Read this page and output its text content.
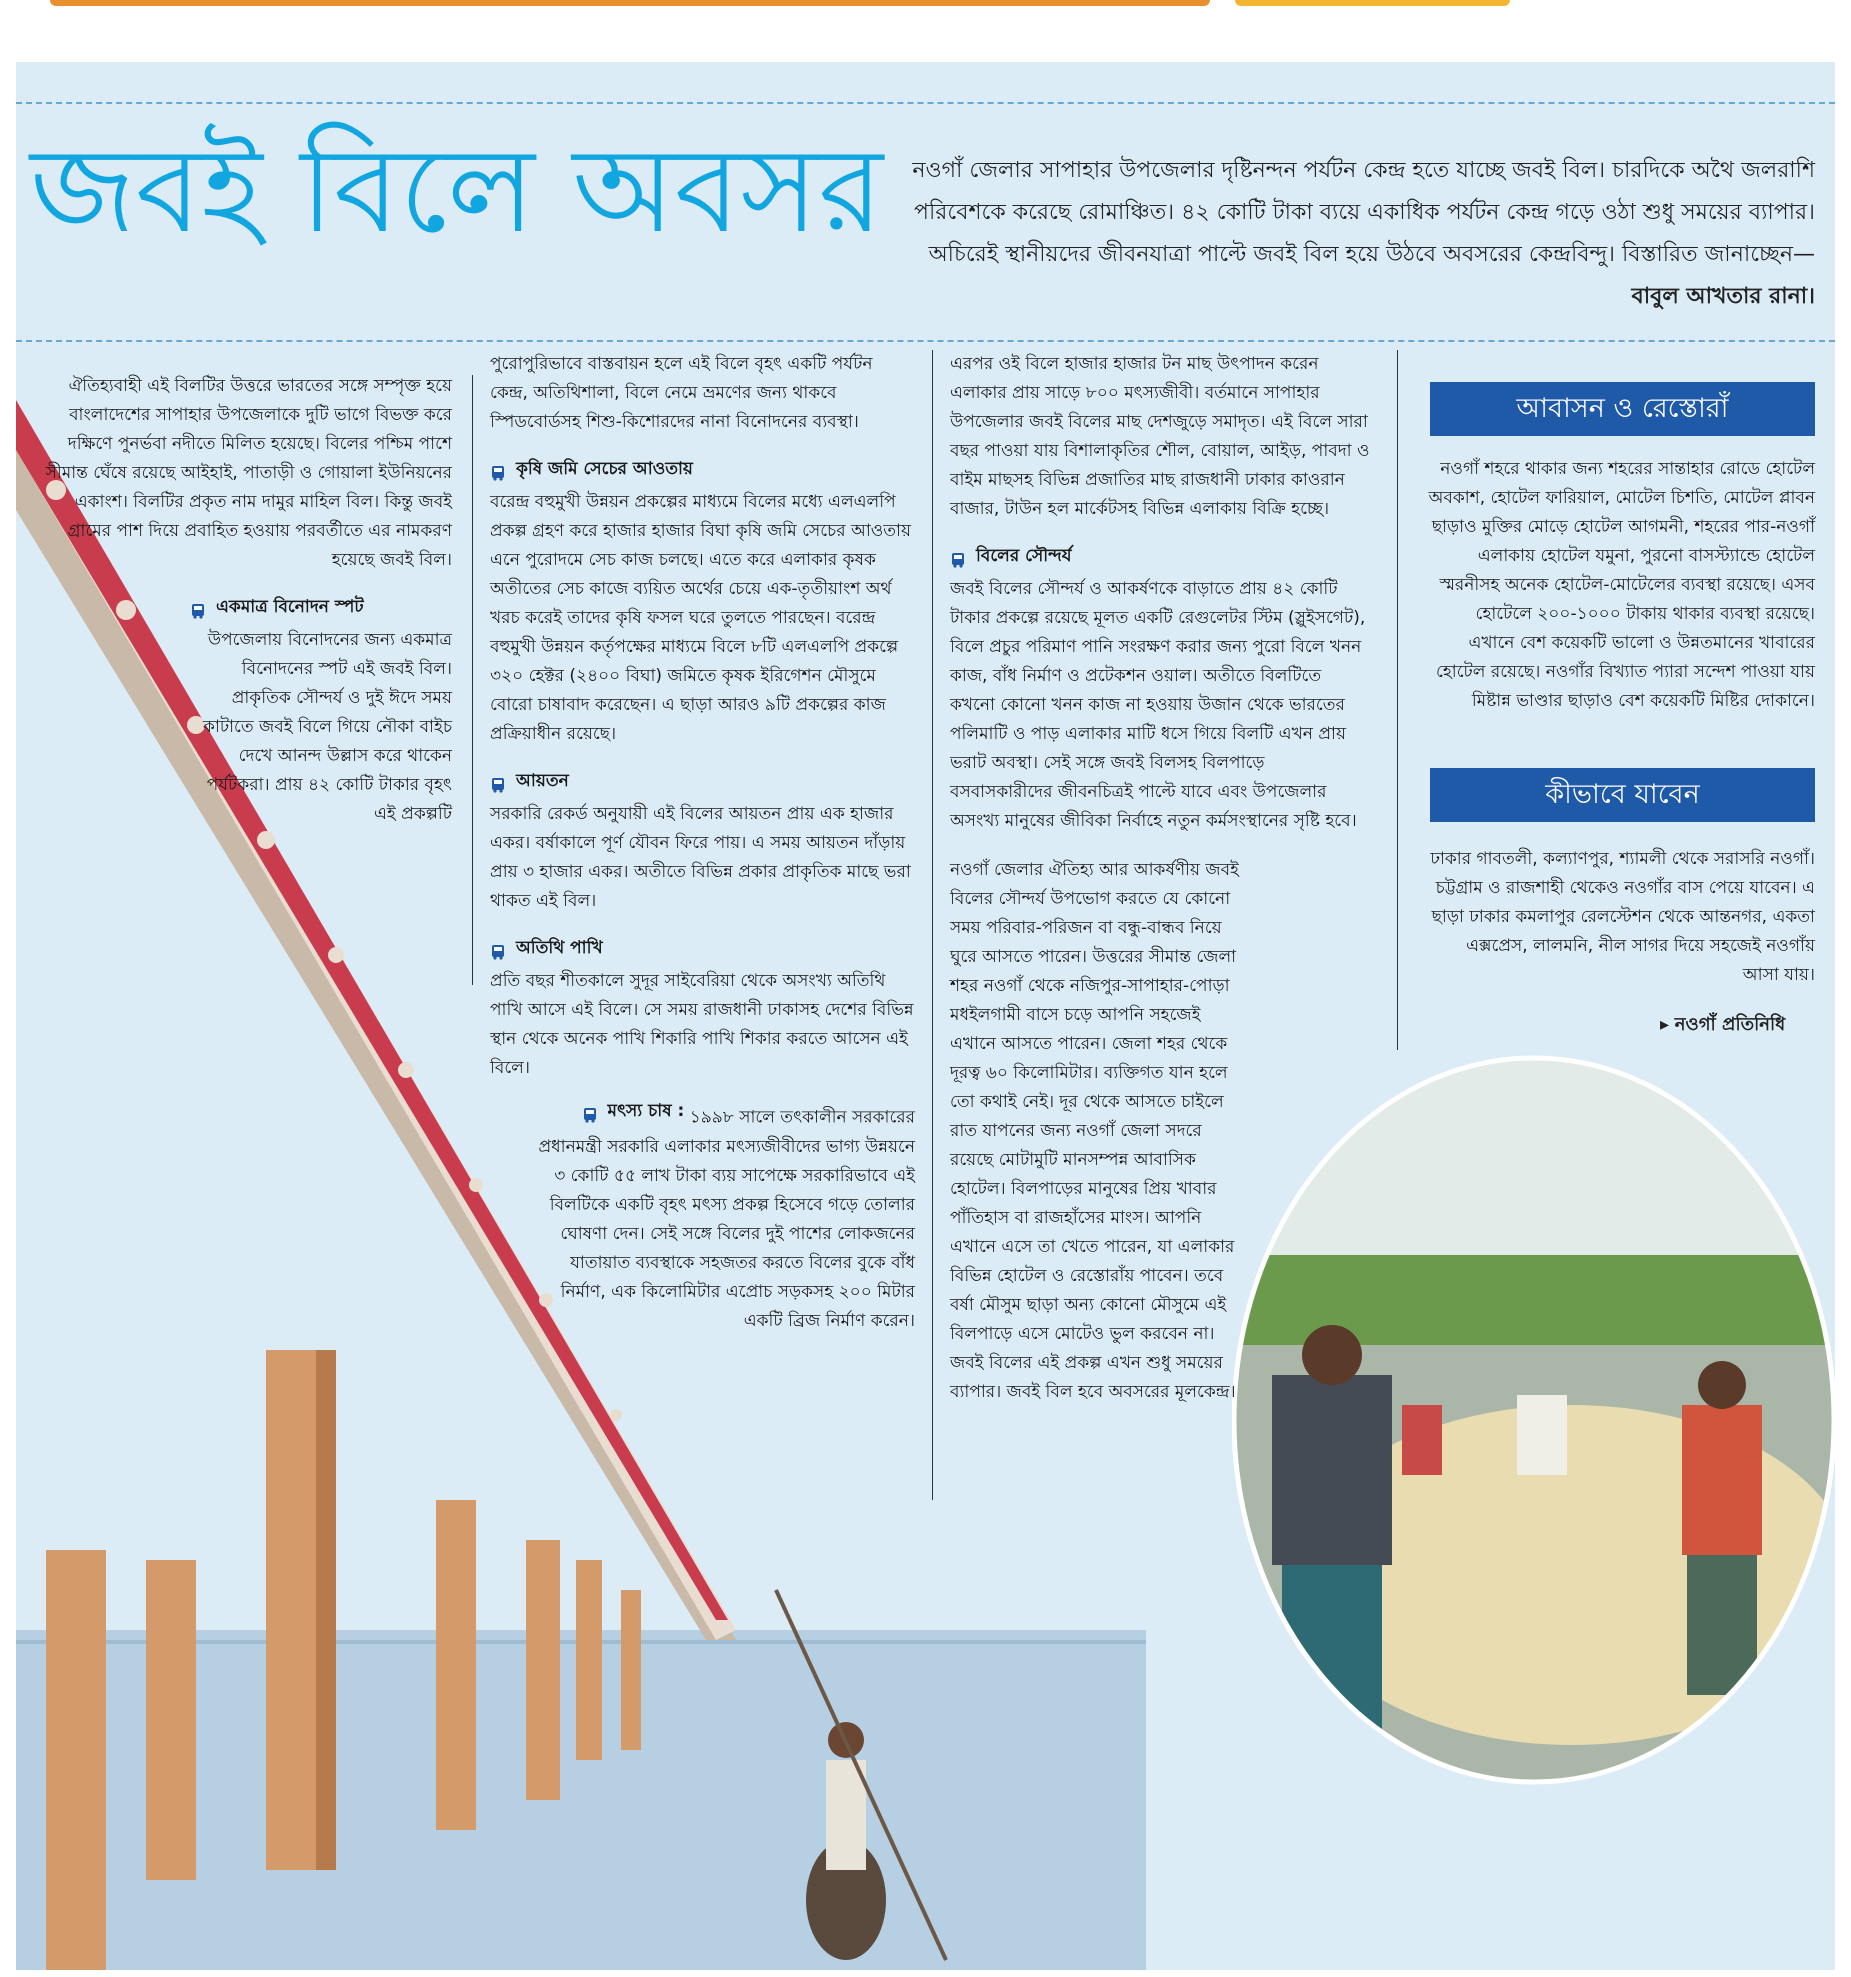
জবই বিলে অবসর	নওগাঁ জেলার সাপাহার উপজেলার দৃষ্টিনন্দন পর্যটন কেন্দ্র হতে যাচ্ছে জবই বিল। চারদিকে অথৈ জলরাশি পরিবেশকে করেছে রোমাঞ্চিত। ৪২ কোটি টাকা ব্যয়ে একাধিক পর্যটন কেন্দ্র গড়ে ওঠা শুধু সময়ের ব্যাপার। অচিরেই স্থানীয়দের জীবনযাত্রা পাল্টে জবই বিল হয়ে উঠবে অবসরের কেন্দ্রবিন্দু। বিস্তারিত জানাচ্ছেন— বাবুল আখতার রানা।

ঐতিহ্যবাহী এই বিলটির উত্তরে ভারতের সঙ্গে সম্পৃক্ত হয়ে বাংলাদেশের সাপাহার উপজেলাকে দুটি ভাগে বিভক্ত করে দক্ষিণে পুনর্ভবা নদীতে মিলিত হয়েছে। বিলের পশ্চিম পাশে সীমান্ত ঘেঁষে রয়েছে আইহাই, পাতাড়ী ও গোয়ালা ইউনিয়নের একাংশ। বিলটির প্রকৃত নাম দামুর মাহিল বিল। কিন্তু জবই গ্রামের পাশ দিয়ে প্রবাহিত হওয়ায় পরবর্তীতে এর নামকরণ হয়েছে জবই বিল।

একমাত্র বিনোদন স্পট

উপজেলায় বিনোদনের জন্য একমাত্র বিনোদনের স্পট এই জবই বিল। প্রাকৃতিক সৌন্দর্য ও দুই ঈদে সময় কাটাতে জবই বিলে গিয়ে নৌকা বাইচ দেখে আনন্দ উল্লাস করে থাকেন পর্যটকরা। প্রায় ৪২ কোটি টাকার বৃহৎ এই প্রকল্পটি

পুরোপুরিভাবে বাস্তবায়ন হলে এই বিলে বৃহৎ একটি পর্যটন কেন্দ্র, অতিথিশালা, বিলে নেমে ভ্রমণের জন্য থাকবে স্পিডবোর্ডসহ শিশু-কিশোরদের নানা বিনোদনের ব্যবস্থা।

কৃষি জমি সেচের আওতায়

বরেন্দ্র বহুমুখী উন্নয়ন প্রকল্পের মাধ্যমে বিলের মধ্যে এলএলপি প্রকল্প গ্রহণ করে হাজার হাজার বিঘা কৃষি জমি সেচের আওতায় এনে পুরোদমে সেচ কাজ চলছে। এতে করে এলাকার কৃষক অতীতের সেচ কাজে ব্যয়িত অর্থের চেয়ে এক-তৃতীয়াংশ অর্থ খরচ করেই তাদের কৃষি ফসল ঘরে তুলতে পারছেন। বরেন্দ্র বহুমুখী উন্নয়ন কর্তৃপক্ষের মাধ্যমে বিলে ৮টি এলএলপি প্রকল্পে ৩২০ হেক্টর (২৪০০ বিঘা) জমিতে কৃষক ইরিগেশন মৌসুমে বোরো চাষাবাদ করেছেন। এ ছাড়া আরও ৯টি প্রকল্পের কাজ প্রক্রিয়াধীন রয়েছে।

আয়তন

সরকারি রেকর্ড অনুযায়ী এই বিলের আয়তন প্রায় এক হাজার একর। বর্ষাকালে পূর্ণ যৌবন ফিরে পায়। এ সময় আয়তন দাঁড়ায় প্রায় ৩ হাজার একর। অতীতে বিভিন্ন প্রকার প্রাকৃতিক মাছে ভরা থাকত এই বিল।

অতিথি পাখি

প্রতি বছর শীতকালে সুদূর সাইবেরিয়া থেকে অসংখ্য অতিথি পাখি আসে এই বিলে। সে সময় রাজধানী ঢাকাসহ দেশের বিভিন্ন স্থান থেকে অনেক পাখি শিকারি পাখি শিকার করতে আসেন এই বিলে।

মৎস্য চাষ : ১৯৯৮ সালে তৎকালীন সরকারের প্রধানমন্ত্রী সরকারি এলাকার মৎস্যজীবীদের ভাগ্য উন্নয়নে ৩ কোটি ৫৫ লাখ টাকা ব্যয় সাপেক্ষে সরকারিভাবে এই বিলটিকে একটি বৃহৎ মৎস্য প্রকল্প হিসেবে গড়ে তোলার ঘোষণা দেন। সেই সঙ্গে বিলের দুই পাশের লোকজনের যাতায়াত ব্যবস্থাকে সহজতর করতে বিলের বুকে বাঁধ নির্মাণ, এক কিলোমিটার এপ্রোচ সড়কসহ ২০০ মিটার একটি ব্রিজ নির্মাণ করেন।

এরপর ওই বিলে হাজার হাজার টন মাছ উৎপাদন করেন এলাকার প্রায় সাড়ে ৮০০ মৎস্যজীবী। বর্তমানে সাপাহার উপজেলার জবই বিলের মাছ দেশজুড়ে সমাদৃত। এই বিলে সারা বছর পাওয়া যায় বিশালাকৃতির শৌল, বোয়াল, আইড়, পাবদা ও বাইম মাছসহ বিভিন্ন প্রজাতির মাছ রাজধানী ঢাকার কাওরান বাজার, টাউন হল মার্কেটসহ বিভিন্ন এলাকায় বিক্রি হচ্ছে।

বিলের সৌন্দর্য

জবই বিলের সৌন্দর্য ও আকর্ষণকে বাড়াতে প্রায় ৪২ কোটি টাকার প্রকল্পে রয়েছে মূলত একটি রেগুলেটর স্টিম (স্লুইসগেট), বিলে প্রচুর পরিমাণ পানি সংরক্ষণ করার জন্য পুরো বিলে খনন কাজ, বাঁধ নির্মাণ ও প্রটেকশন ওয়াল। অতীতে বিলটিতে কখনো কোনো খনন কাজ না হওয়ায় উজান থেকে ভারতের পলিমাটি ও পাড় এলাকার মাটি ধসে গিয়ে বিলটি এখন প্রায় ভরাট অবস্থা। সেই সঙ্গে জবই বিলসহ বিলপাড়ে বসবাসকারীদের জীবনচিত্রই পাল্টে যাবে এবং উপজেলার অসংখ্য মানুষের জীবিকা নির্বাহে নতুন কর্মসংস্থানের সৃষ্টি হবে।

নওগাঁ জেলার ঐতিহ্য আর আকর্ষণীয় জবই বিলের সৌন্দর্য উপভোগ করতে যে কোনো সময় পরিবার-পরিজন বা বন্ধু-বান্ধব নিয়ে ঘুরে আসতে পারেন। উত্তরের সীমান্ত জেলা শহর নওগাঁ থেকে নজিপুর-সাপাহার-পোড়া মধইলগামী বাসে চড়ে আপনি সহজেই এখানে আসতে পারেন। জেলা শহর থেকে দূরত্ব ৬০ কিলোমিটার। ব্যক্তিগত যান হলে তো কথাই নেই। দূর থেকে আসতে চাইলে রাত যাপনের জন্য নওগাঁ জেলা সদরে রয়েছে মোটামুটি মানসম্পন্ন আবাসিক হোটেল। বিলপাড়ের মানুষের প্রিয় খাবার পাঁতিহাস বা রাজহাঁসের মাংস। আপনি এখানে এসে তা খেতে পারেন, যা এলাকার বিভিন্ন হোটেল ও রেস্তোরাঁয় পাবেন। তবে বর্ষা মৌসুম ছাড়া অন্য কোনো মৌসুমে এই বিলপাড়ে এসে মোটেও ভুল করবেন না। জবই বিলের এই প্রকল্প এখন শুধু সময়ের ব্যাপার। জবই বিল হবে অবসরের মূলকেন্দ্র।

আবাসন ও রেস্তোরাঁ
নওগাঁ শহরে থাকার জন্য শহরের সান্তাহার রোডে হোটেল অবকাশ, হোটেল ফারিয়াল, মোটেল চিশতি, মোটেল প্লাবন ছাড়াও মুক্তির মোড়ে হোটেল আগমনী, শহরের পার-নওগাঁ এলাকায় হোটেল যমুনা, পুরনো বাসস্ট্যান্ডে হোটেল স্মরনীসহ অনেক হোটেল-মোটেলের ব্যবস্থা রয়েছে। এসব হোটেলে ২০০-১০০০ টাকায় থাকার ব্যবস্থা রয়েছে। এখানে বেশ কয়েকটি ভালো ও উন্নতমানের খাবারের হোটেল রয়েছে। নওগাঁর বিখ্যাত প্যারা সন্দেশ পাওয়া যায় মিষ্টান্ন ভাণ্ডার ছাড়াও বেশ কয়েকটি মিষ্টির দোকানে।
কীভাবে যাবেন
ঢাকার গাবতলী, কল্যাণপুর, শ্যামলী থেকে সরাসরি নওগাঁ। চট্টগ্রাম ও রাজশাহী থেকেও নওগাঁর বাস পেয়ে যাবেন। এ ছাড়া ঢাকার কমলাপুর রেলস্টেশন থেকে আন্তনগর, একতা এক্সপ্রেস, লালমনি, নীল সাগর দিয়ে সহজেই নওগাঁয় আসা যায়।
▸ নওগাঁ প্রতিনিধি
